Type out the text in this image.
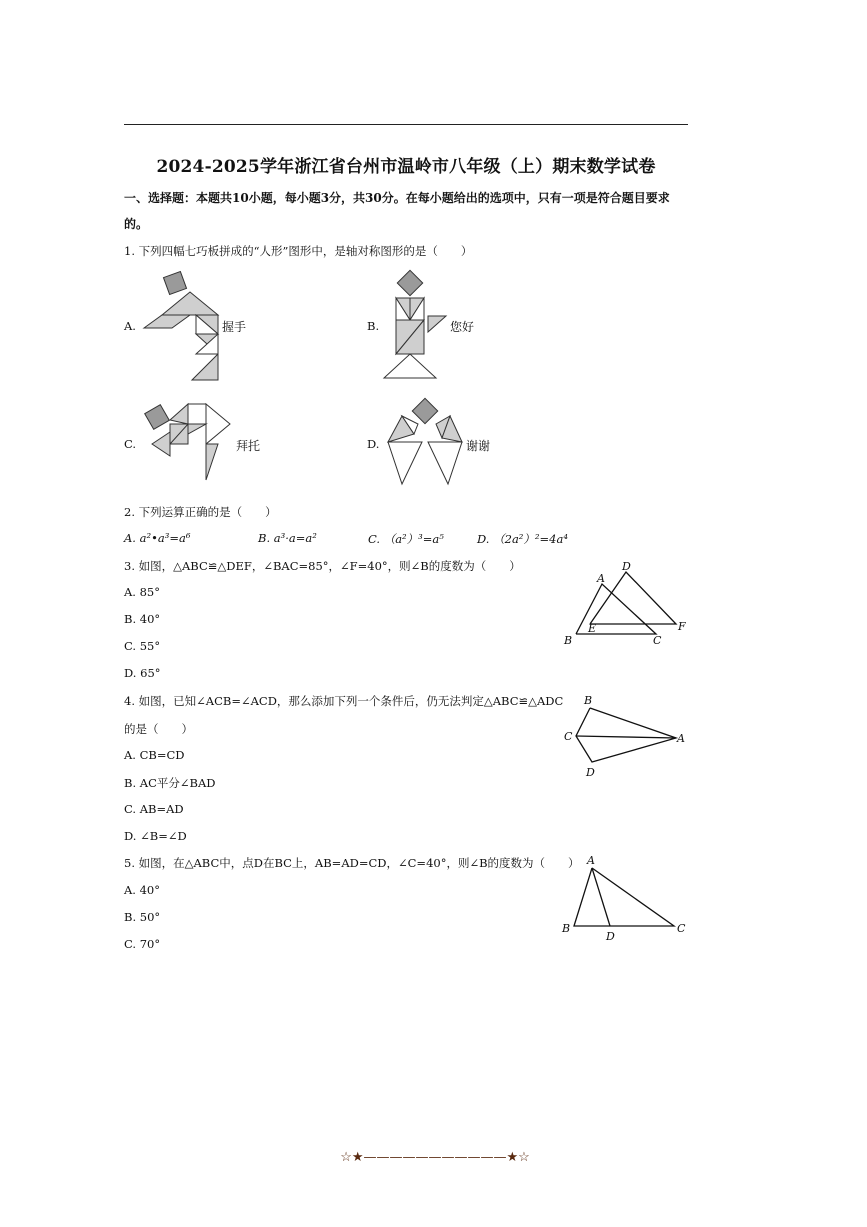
2024-2025学年浙江省台州市温岭市八年级（上）期末数学试卷
一、选择题：本题共10小题，每小题3分，共30分。在每小题给出的选项中，只有一项是符合题目要求
的。
1. 下列四幅七巧板拼成的“人形”图形中，是轴对称图形的是（　　）
A.	握手	B.	您好
C.	拜托	D.	谢谢
2. 下列运算正确的是（　　）
A. a²•a³=a⁶	B. a³·a=a²	C. （a²）³=a⁵	D. （2a²）²=4a⁴
3. 如图，△ABC≌△DEF，∠BAC=85°，∠F=40°，则∠B的度数为（　　）
A. 85°
B. 40°
C. 55°
D. 65°
A
D
B
E
C
F
4. 如图，已知∠ACB=∠ACD，那么添加下列一个条件后，仍无法判定△ABC≌△ADC
的是（　　）
A. CB=CD
B. AC平分∠BAD
C. AB=AD
D. ∠B=∠D
B
C	A
D
5. 如图，在△ABC中，点D在BC上，AB=AD=CD，∠C=40°，则∠B的度数为（　　）
A. 40°
B. 50°
C. 70°
A
B
D
C
☆★———————————★☆
